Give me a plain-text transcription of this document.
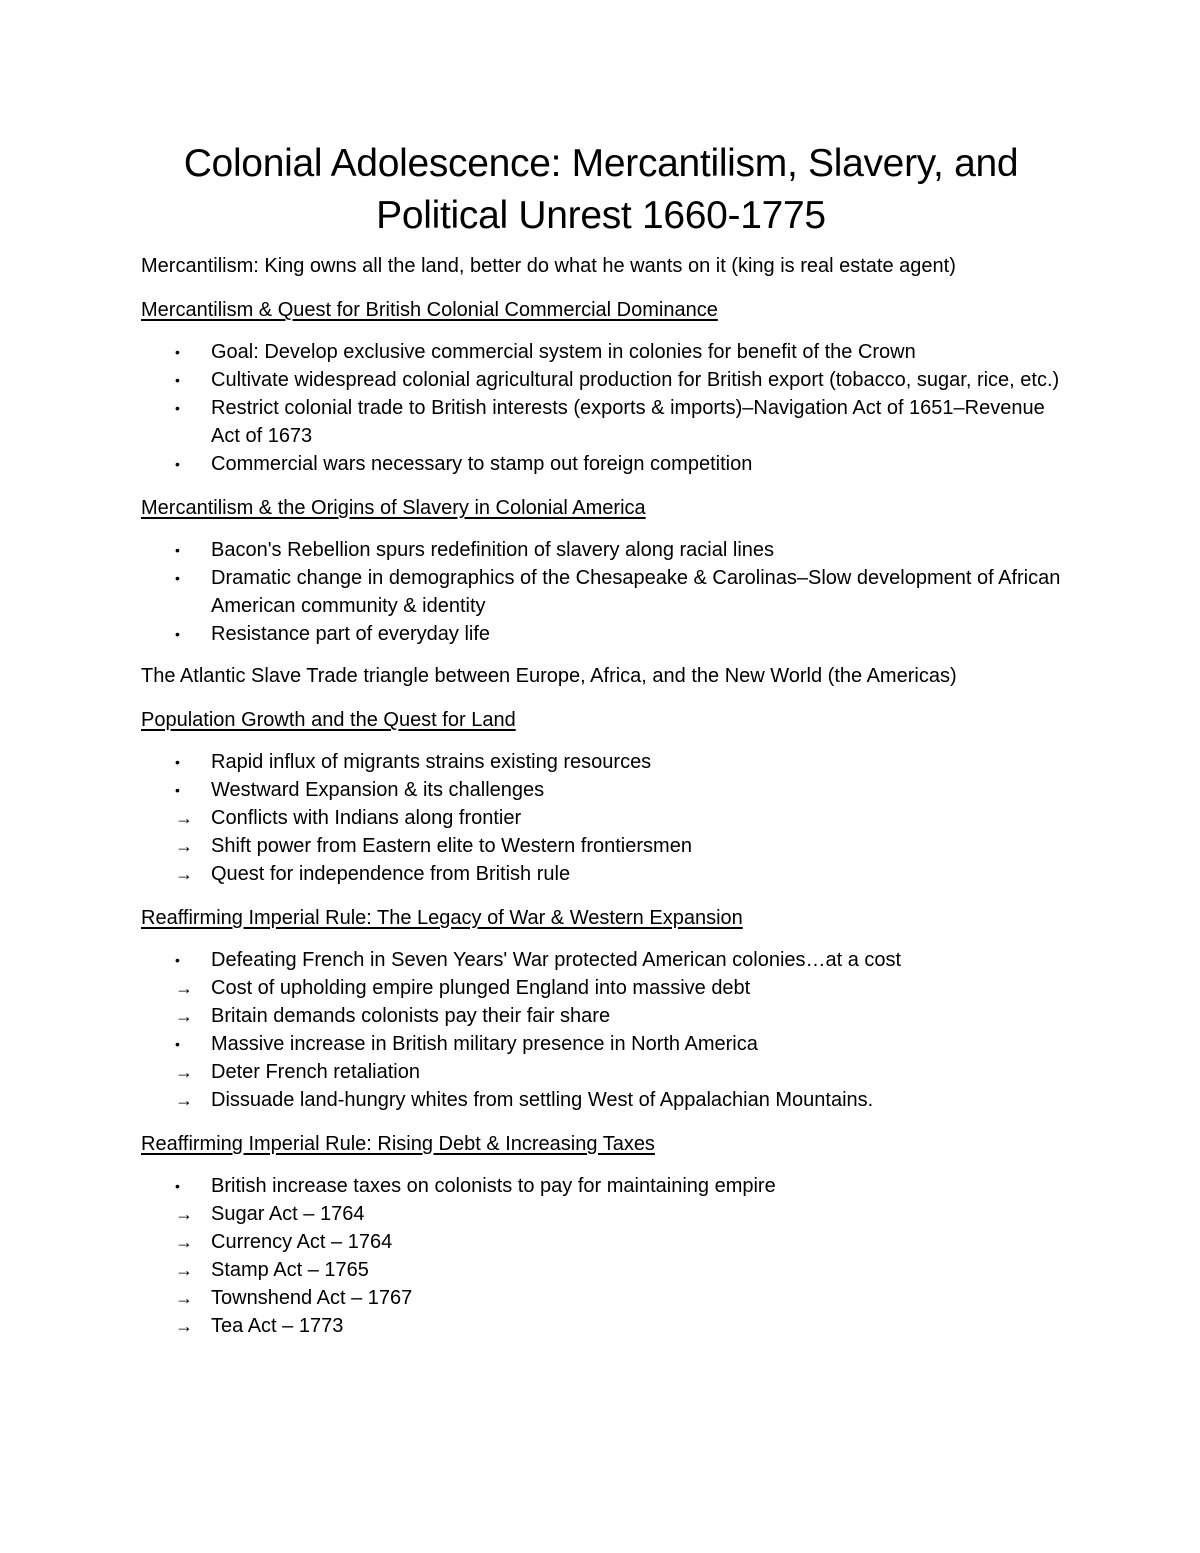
Colonial Adolescence: Mercantilism, Slavery, and
Political Unrest 1660-1775

Mercantilism: King owns all the land, better do what he wants on it (king is real estate agent)

Mercantilism & Quest for British Colonial Commercial Dominance

•	Goal: Develop exclusive commercial system in colonies for benefit of the Crown
•	Cultivate widespread colonial agricultural production for British export (tobacco, sugar, rice, etc.)
•	Restrict colonial trade to British interests (exports & imports)–Navigation Act of 1651–Revenue Act of 1673
•	Commercial wars necessary to stamp out foreign competition

Mercantilism & the Origins of Slavery in Colonial America

•	Bacon's Rebellion spurs redefinition of slavery along racial lines
•	Dramatic change in demographics of the Chesapeake & Carolinas–Slow development of African American community & identity
•	Resistance part of everyday life

The Atlantic Slave Trade triangle between Europe, Africa, and the New World (the Americas)

Population Growth and the Quest for Land

•	Rapid influx of migrants strains existing resources
•	Westward Expansion & its challenges
→ Conflicts with Indians along frontier
→ Shift power from Eastern elite to Western frontiersmen
→ Quest for independence from British rule

Reaffirming Imperial Rule: The Legacy of War & Western Expansion

•	Defeating French in Seven Years' War protected American colonies…at a cost
→ Cost of upholding empire plunged England into massive debt
→ Britain demands colonists pay their fair share
•	Massive increase in British military presence in North America
→ Deter French retaliation
→ Dissuade land-hungry whites from settling West of Appalachian Mountains.

Reaffirming Imperial Rule: Rising Debt & Increasing Taxes

•	British increase taxes on colonists to pay for maintaining empire
→ Sugar Act – 1764
→ Currency Act – 1764
→ Stamp Act – 1765
→ Townshend Act – 1767
→ Tea Act – 1773
